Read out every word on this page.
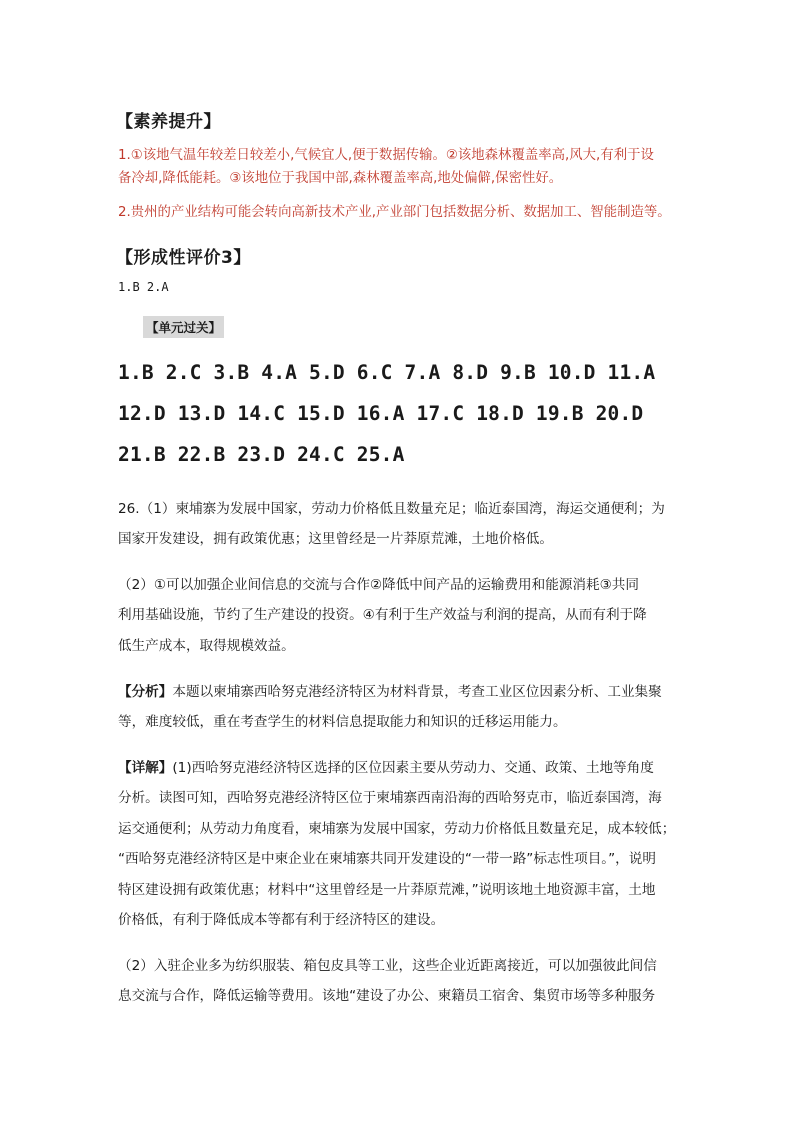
【素养提升】
1.①该地气温年较差日较差小,气候宜人,便于数据传输。②该地森林覆盖率高,风大,有利于设
备冷却,降低能耗。③该地位于我国中部,森林覆盖率高,地处偏僻,保密性好。
2.贵州的产业结构可能会转向高新技术产业,产业部门包括数据分析、数据加工、智能制造等。
【形成性评价3】
1.B 2.A
【单元过关】
1.B 2.C 3.B 4.A 5.D 6.C 7.A 8.D 9.B 10.D 11.A
12.D 13.D 14.C 15.D 16.A 17.C 18.D 19.B 20.D
21.B 22.B 23.D 24.C 25.A
26.（1）柬埔寨为发展中国家，劳动力价格低且数量充足；临近泰国湾，海运交通便利；为
国家开发建设，拥有政策优惠；这里曾经是一片莽原荒滩，土地价格低。
（2）①可以加强企业间信息的交流与合作②降低中间产品的运输费用和能源消耗③共同
利用基础设施，节约了生产建设的投资。④有利于生产效益与利润的提高，从而有利于降
低生产成本，取得规模效益。
【分析】本题以柬埔寨西哈努克港经济特区为材料背景，考查工业区位因素分析、工业集聚
等，难度较低，重在考查学生的材料信息提取能力和知识的迁移运用能力。
【详解】(1)西哈努克港经济特区选择的区位因素主要从劳动力、交通、政策、土地等角度
分析。读图可知，西哈努克港经济特区位于柬埔寨西南沿海的西哈努克市，临近泰国湾，海
运交通便利；从劳动力角度看，柬埔寨为发展中国家，劳动力价格低且数量充足，成本较低；
“西哈努克港经济特区是中柬企业在柬埔寨共同开发建设的“一带一路”标志性项目。”，说明
特区建设拥有政策优惠；材料中“这里曾经是一片莽原荒滩，”说明该地土地资源丰富，土地
价格低，有利于降低成本等都有利于经济特区的建设。
（2）入驻企业多为纺织服装、箱包皮具等工业，这些企业近距离接近，可以加强彼此间信
息交流与合作，降低运输等费用。该地“建设了办公、柬籍员工宿舍、集贸市场等多种服务
